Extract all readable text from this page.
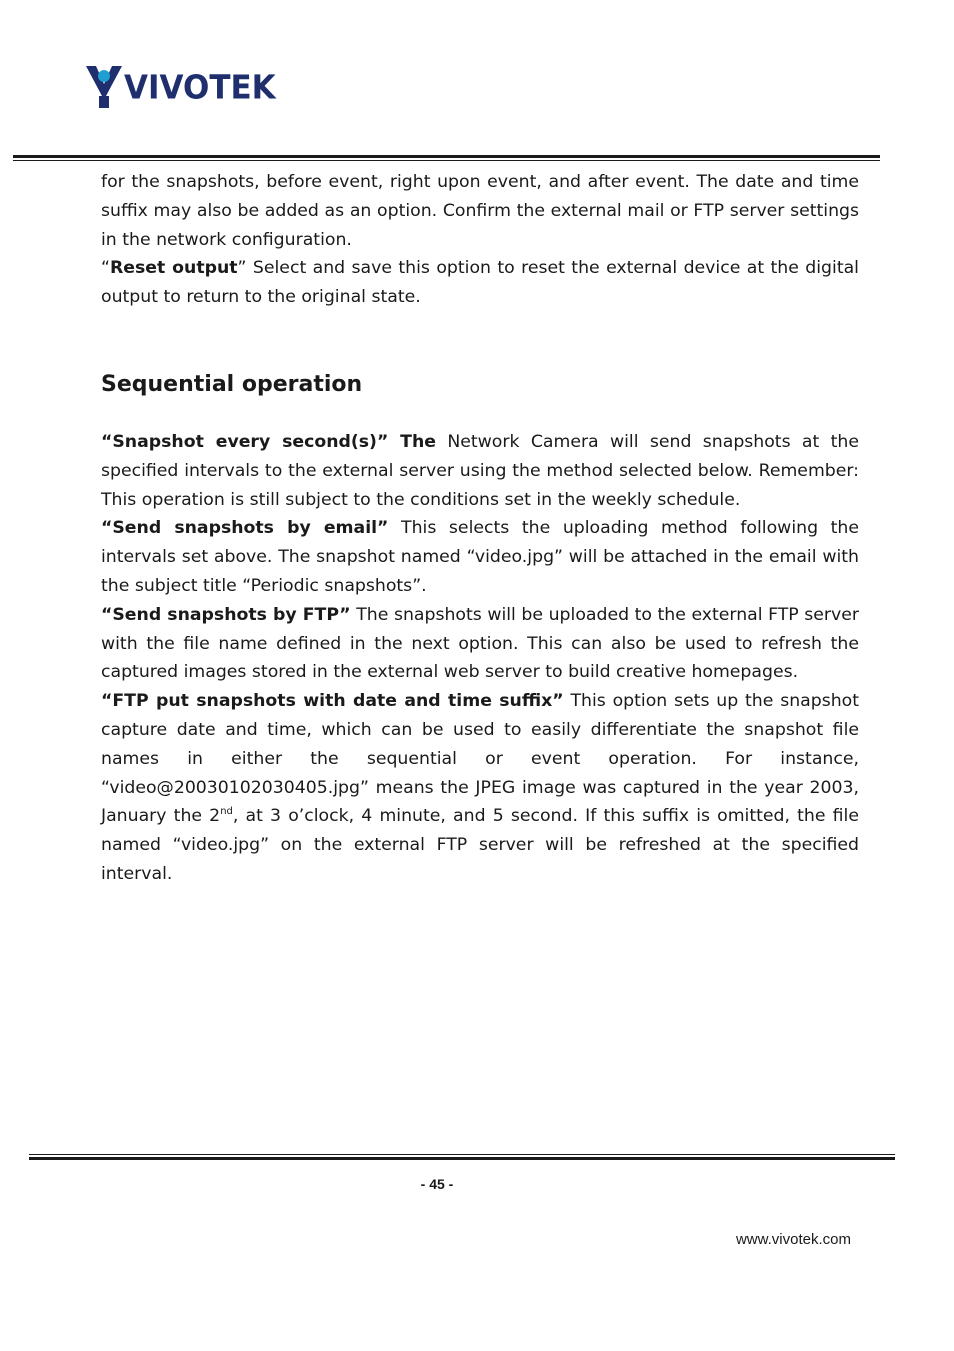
VIVOTEK

for the snapshots, before event, right upon event, and after event. The date and time suffix may also be added as an option. Confirm the external mail or FTP server settings in the network configuration.

“Reset output” Select and save this option to reset the external device at the digital output to return to the original state.

Sequential operation

“Snapshot every second(s)” The Network Camera will send snapshots at the specified intervals to the external server using the method selected below. Remember: This operation is still subject to the conditions set in the weekly schedule.

“Send snapshots by email” This selects the uploading method following the intervals set above. The snapshot named “video.jpg” will be attached in the email with the subject title “Periodic snapshots”.

“Send snapshots by FTP” The snapshots will be uploaded to the external FTP server with the file name defined in the next option. This can also be used to refresh the captured images stored in the external web server to build creative homepages.

“FTP put snapshots with date and time suffix” This option sets up the snapshot capture date and time, which can be used to easily differentiate the snapshot file names in either the sequential or event operation. For instance, “video@20030102030405.jpg” means the JPEG image was captured in the year 2003, January the 2nd, at 3 o’clock, 4 minute, and 5 second. If this suffix is omitted, the file named “video.jpg” on the external FTP server will be refreshed at the specified interval.

- 45 -
www.vivotek.com
